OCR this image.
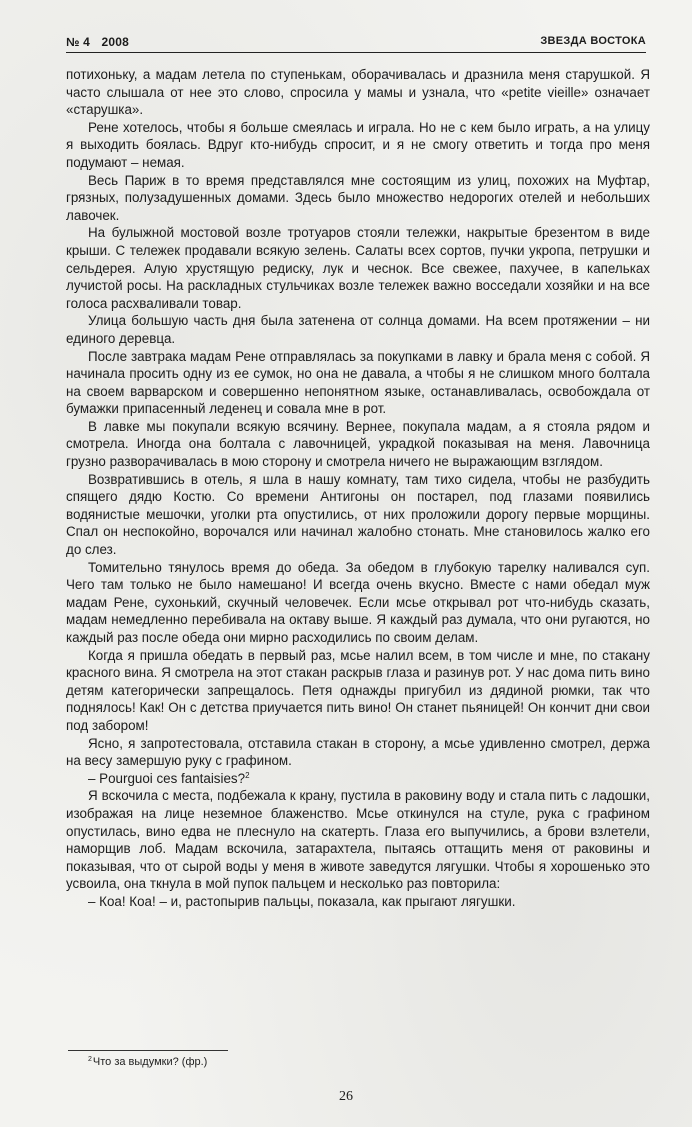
№ 4 2008	ЗВЕЗДА ВОСТОКА

потихоньку, а мадам летела по ступенькам, оборачивалась и дразнила меня старушкой. Я часто слышала от нее это слово, спросила у мамы и узнала, что «petite vieille» означает «старушка».

Рене хотелось, чтобы я больше смеялась и играла. Но не с кем было играть, а на улицу я выходить боялась. Вдруг кто-нибудь спросит, и я не смогу ответить и тогда про меня подумают – немая.

Весь Париж в то время представлялся мне состоящим из улиц, похожих на Муфтар, грязных, полузадушенных домами. Здесь было множество недорогих отелей и небольших лавочек.

На булыжной мостовой возле тротуаров стояли тележки, накрытые брезентом в виде крыши. С тележек продавали всякую зелень. Салаты всех сортов, пучки укропа, петрушки и сельдерея. Алую хрустящую редиску, лук и чеснок. Все свежее, пахучее, в капельках лучистой росы. На раскладных стульчиках возле тележек важно восседали хозяйки и на все голоса расхваливали товар.

Улица большую часть дня была затенена от солнца домами. На всем протяжении – ни единого деревца.

После завтрака мадам Рене отправлялась за покупками в лавку и брала меня с собой. Я начинала просить одну из ее сумок, но она не давала, а чтобы я не слишком много болтала на своем варварском и совершенно непонятном языке, останавливалась, освобождала от бумажки припасенный леденец и совала мне в рот.

В лавке мы покупали всякую всячину. Вернее, покупала мадам, а я стояла рядом и смотрела. Иногда она болтала с лавочницей, украдкой показывая на меня. Лавочница грузно разворачивалась в мою сторону и смотрела ничего не выражающим взглядом.

Возвратившись в отель, я шла в нашу комнату, там тихо сидела, чтобы не разбудить спящего дядю Костю. Со времени Антигоны он постарел, под глазами появились водянистые мешочки, уголки рта опустились, от них проложили дорогу первые морщины. Спал он неспокойно, ворочался или начинал жалобно стонать. Мне становилось жалко его до слез.

Томительно тянулось время до обеда. За обедом в глубокую тарелку наливался суп. Чего там только не было намешано! И всегда очень вкусно. Вместе с нами обедал муж мадам Рене, сухонький, скучный человечек. Если мсье открывал рот что-нибудь сказать, мадам немедленно перебивала на октаву выше. Я каждый раз думала, что они ругаются, но каждый раз после обеда они мирно расходились по своим делам.

Когда я пришла обедать в первый раз, мсье налил всем, в том числе и мне, по стакану красного вина. Я смотрела на этот стакан раскрыв глаза и разинув рот. У нас дома пить вино детям категорически запрещалось. Петя однажды пригубил из дядиной рюмки, так что поднялось! Как! Он с детства приучается пить вино! Он станет пьяницей! Он кончит дни свои под забором!

Ясно, я запротестовала, отставила стакан в сторону, а мсье удивленно смотрел, держа на весу замершую руку с графином.

– Pourguoi ces fantaisies?$^2$

Я вскочила с места, подбежала к крану, пустила в раковину воду и стала пить с ладошки, изображая на лице неземное блаженство. Мсье откинулся на стуле, рука с графином опустилась, вино едва не плеснуло на скатерть. Глаза его выпучились, а брови взлетели, наморщив лоб. Мадам вскочила, затарахтела, пытаясь оттащить меня от раковины и показывая, что от сырой воды у меня в животе заведутся лягушки. Чтобы я хорошенько это усвоила, она ткнула в мой пупок пальцем и несколько раз повторила:

– Коа! Коа! – и, растопырив пальцы, показала, как прыгают лягушки.

$^2$Что за выдумки? (фр.)
26
